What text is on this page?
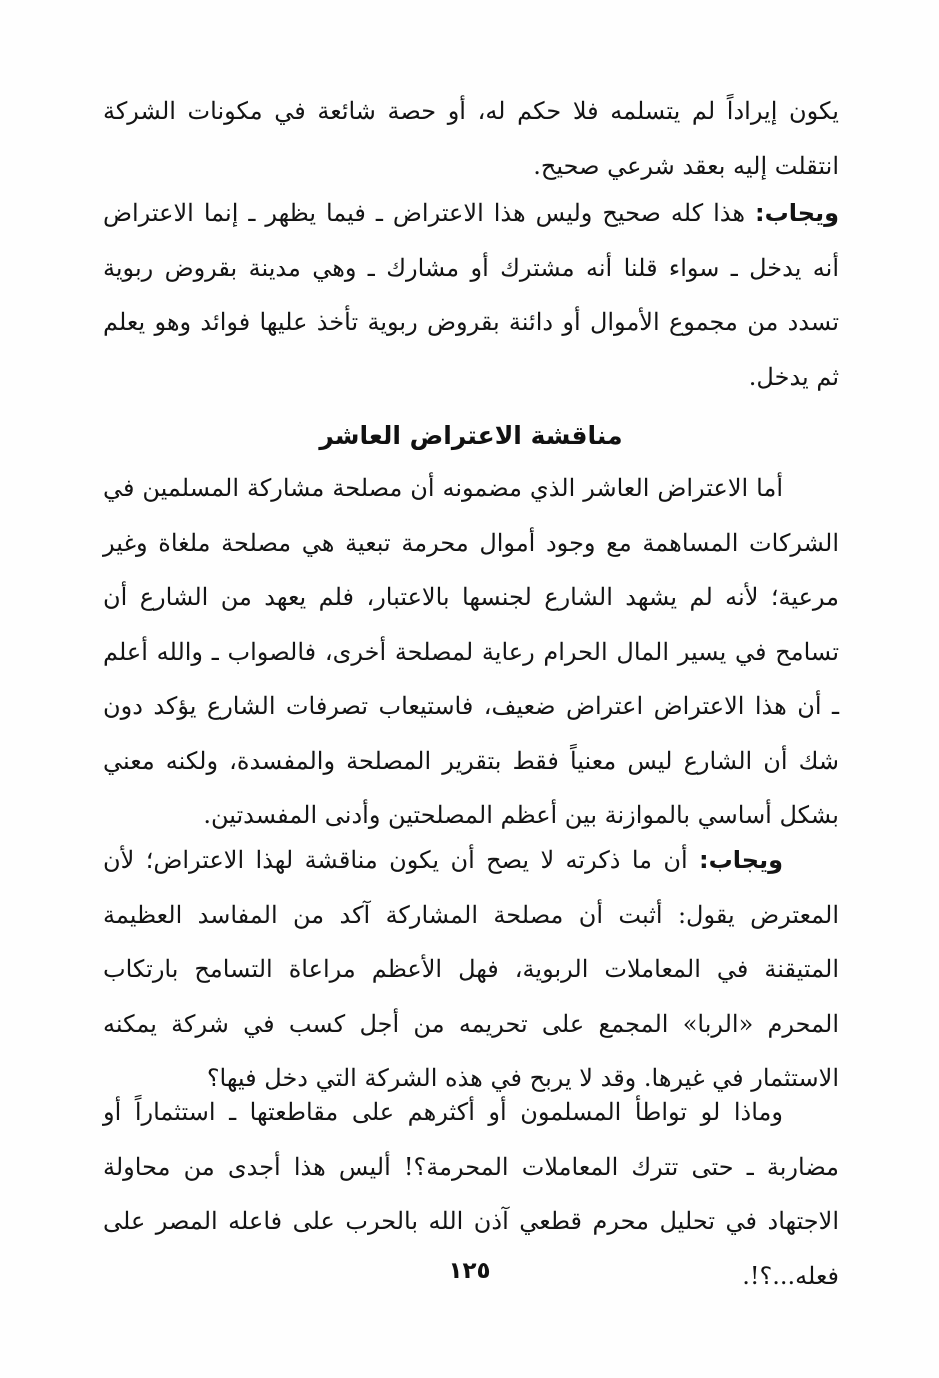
يكون إيراداً لم يتسلمه فلا حكم له، أو حصة شائعة في مكونات الشركة انتقلت إليه بعقد شرعي صحيح.
ويجاب: هذا كله صحيح وليس هذا الاعتراض ـ فيما يظهر ـ إنما الاعتراض أنه يدخل ـ سواء قلنا أنه مشترك أو مشارك ـ وهي مدينة بقروض ربوية تسدد من مجموع الأموال أو دائنة بقروض ربوية تأخذ عليها فوائد وهو يعلم ثم يدخل.
مناقشة الاعتراض العاشر
أما الاعتراض العاشر الذي مضمونه أن مصلحة مشاركة المسلمين في الشركات المساهمة مع وجود أموال محرمة تبعية هي مصلحة ملغاة وغير مرعية؛ لأنه لم يشهد الشارع لجنسها بالاعتبار، فلم يعهد من الشارع أن تسامح في يسير المال الحرام رعاية لمصلحة أخرى، فالصواب ـ والله أعلم ـ أن هذا الاعتراض اعتراض ضعيف، فاستيعاب تصرفات الشارع يؤكد دون شك أن الشارع ليس معنياً فقط بتقرير المصلحة والمفسدة، ولكنه معني بشكل أساسي بالموازنة بين أعظم المصلحتين وأدنى المفسدتين.
ويجاب: أن ما ذكرته لا يصح أن يكون مناقشة لهذا الاعتراض؛ لأن المعترض يقول: أثبت أن مصلحة المشاركة آكد من المفاسد العظيمة المتيقنة في المعاملات الربوية، فهل الأعظم مراعاة التسامح بارتكاب المحرم «الربا» المجمع على تحريمه من أجل كسب في شركة يمكنه الاستثمار في غيرها. وقد لا يربح في هذه الشركة التي دخل فيها؟
وماذا لو تواطأ المسلمون أو أكثرهم على مقاطعتها ـ استثماراً أو مضاربة ـ حتى تترك المعاملات المحرمة؟! أليس هذا أجدى من محاولة الاجتهاد في تحليل محرم قطعي آذن الله بالحرب على فاعله المصر على فعله...؟!.
١٢٥
